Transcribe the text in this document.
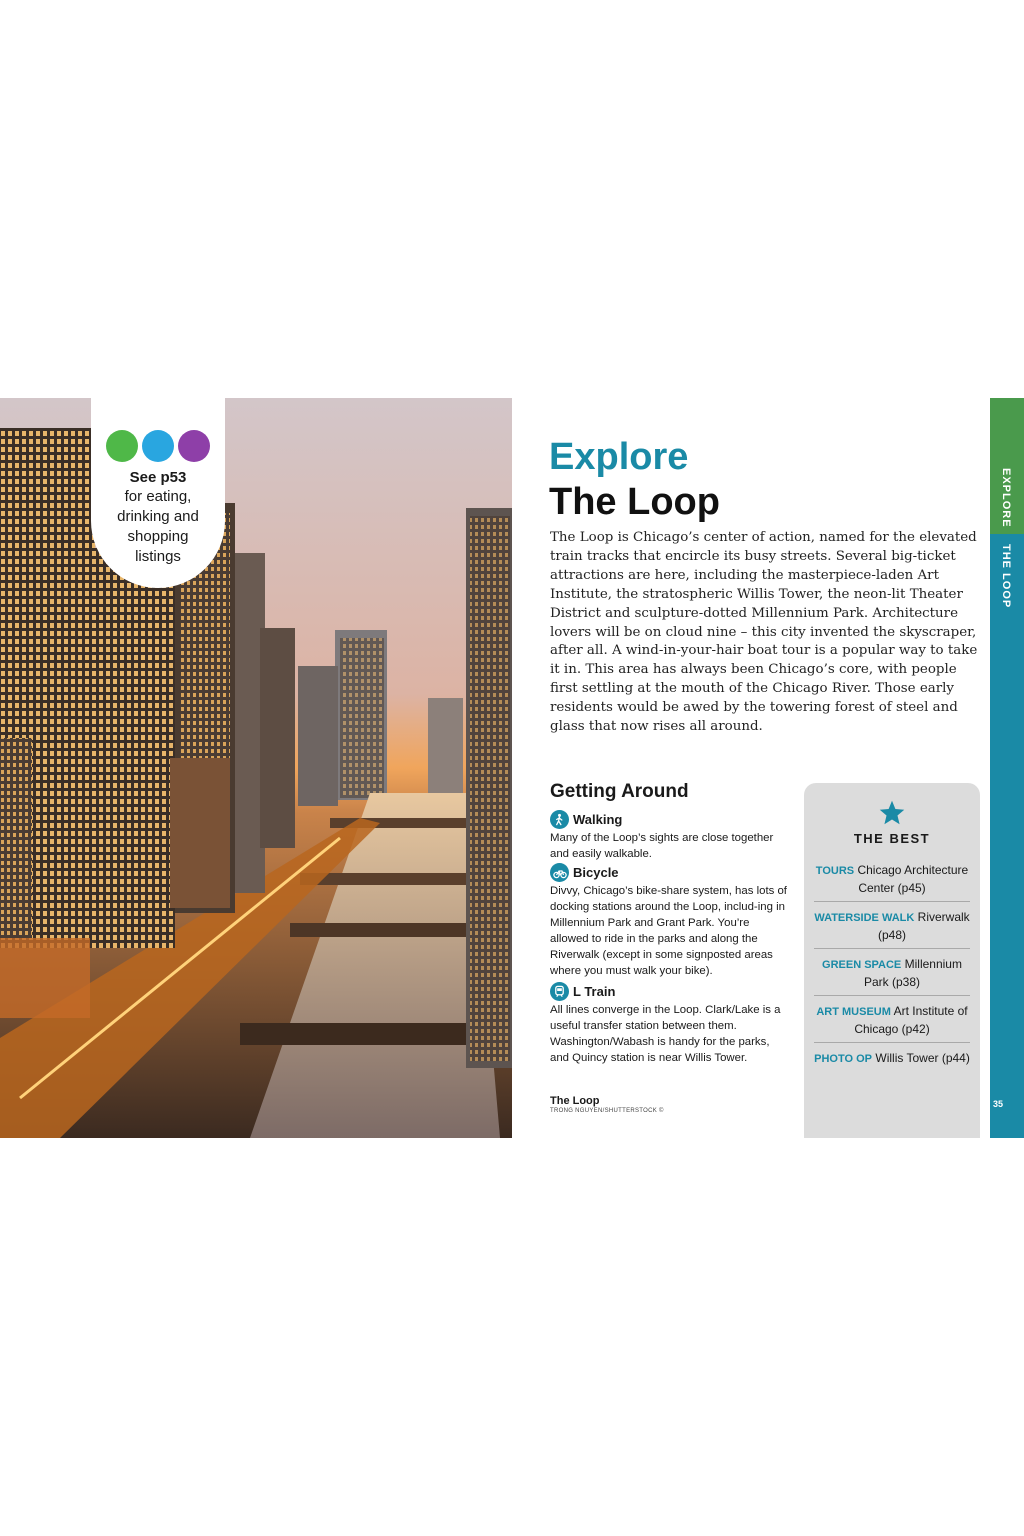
See p53
for eating,
drinking and
shopping
listings
Explore
The Loop

The Loop is Chicago’s center of action, named for the elevated train tracks that encircle its busy streets. Several big-ticket attractions are here, including the masterpiece-laden Art Institute, the stratospheric Willis Tower, the neon-lit Theater District and sculpture-dotted Millennium Park. Architecture lovers will be on cloud nine – this city invented the skyscraper, after all. A wind-in-your-hair boat tour is a popular way to take it in. This area has always been Chicago’s core, with people first settling at the mouth of the Chicago River. Those early residents would be awed by the towering forest of steel and glass that now rises all around.

Getting Around
Walking
Many of the Loop’s sights are close together and easily walkable.
Bicycle
Divvy, Chicago’s bike-share system, has lots of docking stations around the Loop, includ-ing in Millennium Park and Grant Park. You’re allowed to ride in the parks and along the Riverwalk (except in some signposted areas where you must walk your bike).
L Train
All lines converge in the Loop. Clark/Lake is a useful transfer station between them. Washington/Wabash is handy for the parks, and Quincy station is near Willis Tower.
The Loop
TRONG NGUYEN/SHUTTERSTOCK ©
THE BEST
TOURS Chicago Architecture Center (p45)
WATERSIDE WALK Riverwalk (p48)
GREEN SPACE Millennium Park (p38)
ART MUSEUM Art Institute of Chicago (p42)
PHOTO OP Willis Tower (p44)
EXPLORE
THE LOOP
35
